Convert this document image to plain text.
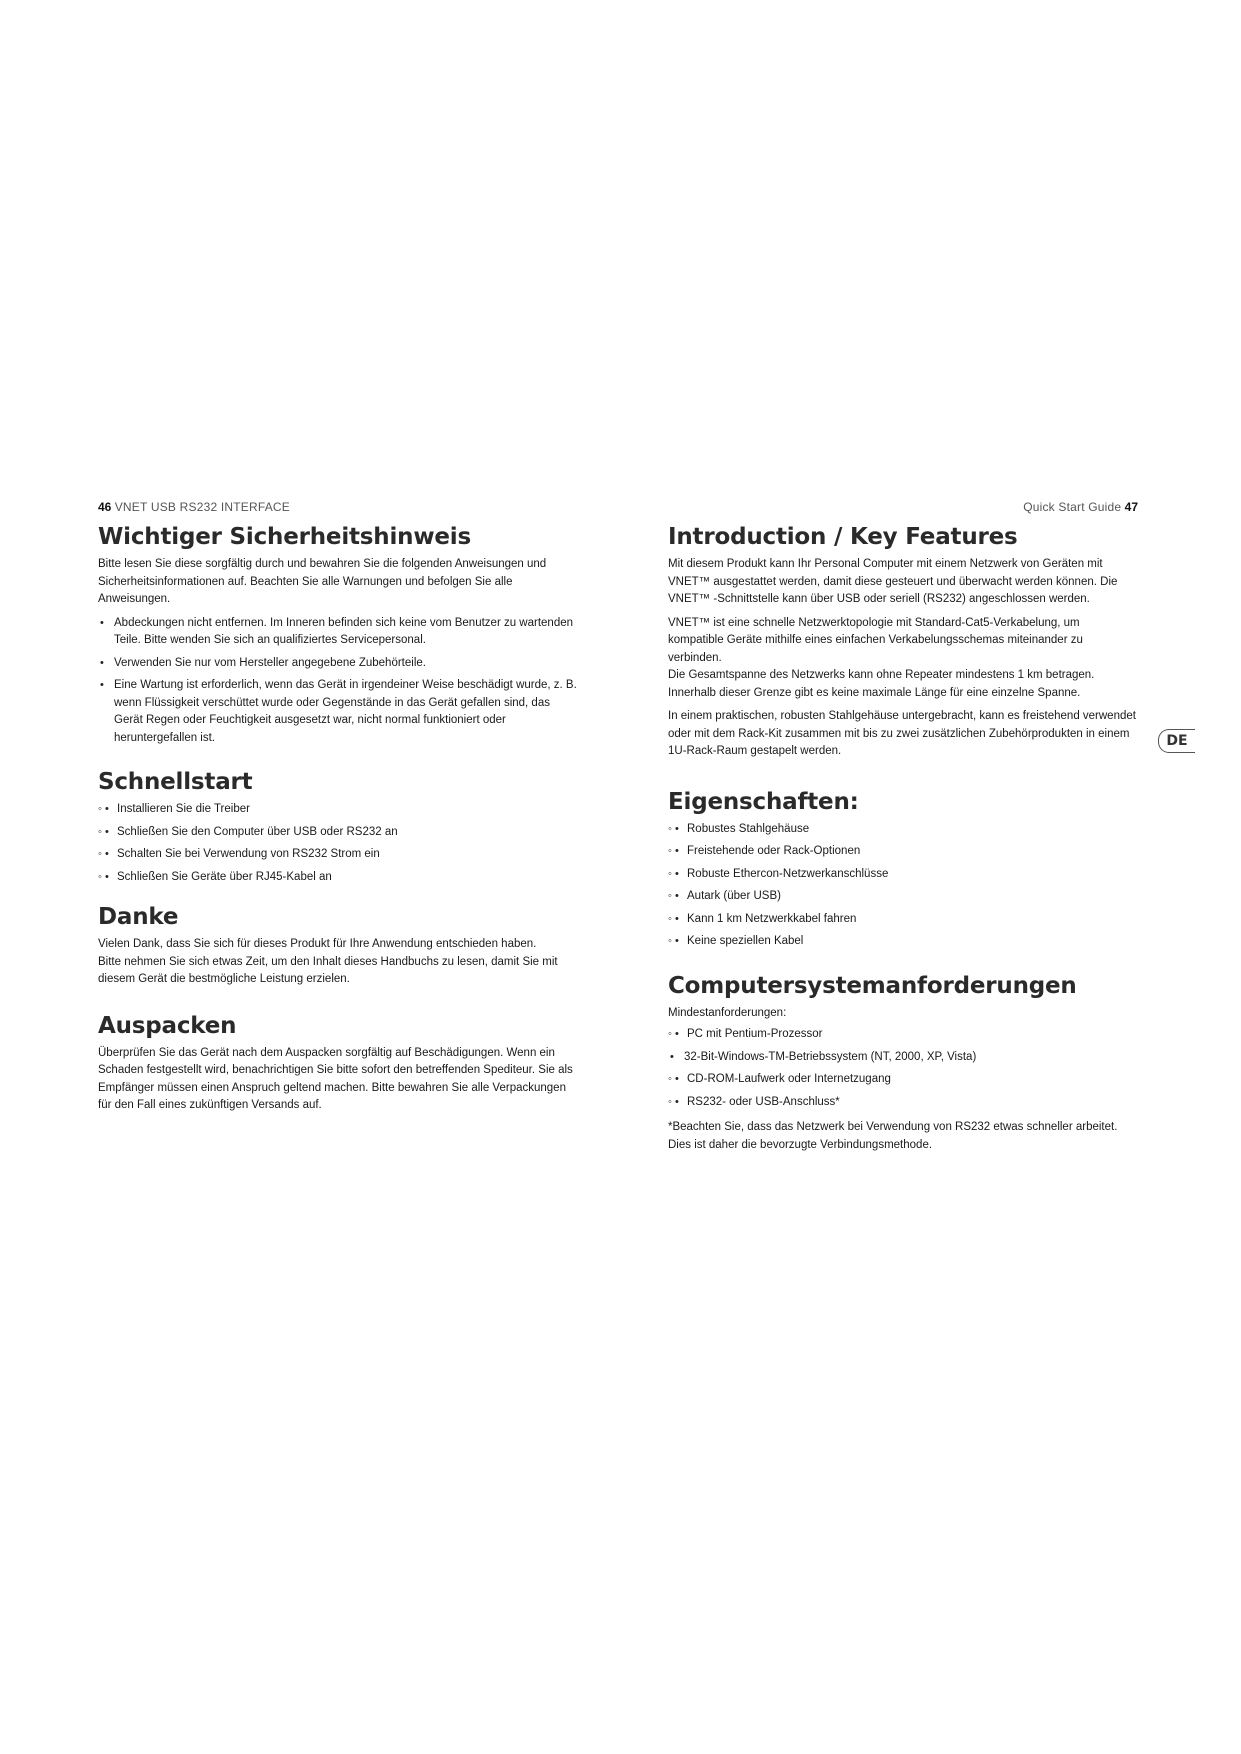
46 VNET USB RS232 INTERFACE	Quick Start Guide 47
DE
Wichtiger Sicherheitshinweis

Bitte lesen Sie diese sorgfältig durch und bewahren Sie die folgenden Anweisungen und Sicherheitsinformationen auf. Beachten Sie alle Warnungen und befolgen Sie alle Anweisungen.

•
Abdeckungen nicht entfernen. Im Inneren befinden sich keine vom Benutzer zu wartenden Teile. Bitte wenden Sie sich an qualifiziertes Servicepersonal.
•
Verwenden Sie nur vom Hersteller angegebene Zubehörteile.
•
Eine Wartung ist erforderlich, wenn das Gerät in irgendeiner Weise beschädigt wurde, z. B. wenn Flüssigkeit verschüttet wurde oder Gegenstände in das Gerät gefallen sind, das Gerät Regen oder Feuchtigkeit ausgesetzt war, nicht normal funktioniert oder heruntergefallen ist.
Schnellstart
◦ •
Installieren Sie die Treiber
◦ •
Schließen Sie den Computer über USB oder RS232 an
◦ •
Schalten Sie bei Verwendung von RS232 Strom ein
◦ •
Schließen Sie Geräte über RJ45-Kabel an
Danke

Vielen Dank, dass Sie sich für dieses Produkt für Ihre Anwendung entschieden haben.

Bitte nehmen Sie sich etwas Zeit, um den Inhalt dieses Handbuchs zu lesen, damit Sie mit diesem Gerät die bestmögliche Leistung erzielen.

Auspacken

Überprüfen Sie das Gerät nach dem Auspacken sorgfältig auf Beschädigungen. Wenn ein Schaden festgestellt wird, benachrichtigen Sie bitte sofort den betreffenden Spediteur. Sie als Empfänger müssen einen Anspruch geltend machen. Bitte bewahren Sie alle Verpackungen für den Fall eines zukünftigen Versands auf.

Introduction / Key Features

Mit diesem Produkt kann Ihr Personal Computer mit einem Netzwerk von Geräten mit VNET™ ausgestattet werden, damit diese gesteuert und überwacht werden können. Die VNET™ -Schnittstelle kann über USB oder seriell (RS232) angeschlossen werden.

VNET™ ist eine schnelle Netzwerktopologie mit Standard-Cat5-Verkabelung, um kompatible Geräte mithilfe eines einfachen Verkabelungsschemas miteinander zu verbinden.

Die Gesamtspanne des Netzwerks kann ohne Repeater mindestens 1 km betragen. Innerhalb dieser Grenze gibt es keine maximale Länge für eine einzelne Spanne.

In einem praktischen, robusten Stahlgehäuse untergebracht, kann es freistehend verwendet oder mit dem Rack-Kit zusammen mit bis zu zwei zusätzlichen Zubehörprodukten in einem 1U-Rack-Raum gestapelt werden.

Eigenschaften:
◦ •
Robustes Stahlgehäuse
◦ •
Freistehende oder Rack-Optionen
◦ •
Robuste Ethercon-Netzwerkanschlüsse
◦ •
Autark (über USB)
◦ •
Kann 1 km Netzwerkkabel fahren
◦ •
Keine speziellen Kabel
Computersystemanforderungen

Mindestanforderungen:

◦ •
PC mit Pentium-Prozessor
•
32-Bit-Windows-TM-Betriebssystem (NT, 2000, XP, Vista)
◦ •
CD-ROM-Laufwerk oder Internetzugang
◦ •
RS232- oder USB-Anschluss*

*Beachten Sie, dass das Netzwerk bei Verwendung von RS232 etwas schneller arbeitet. Dies ist daher die bevorzugte Verbindungsmethode.
